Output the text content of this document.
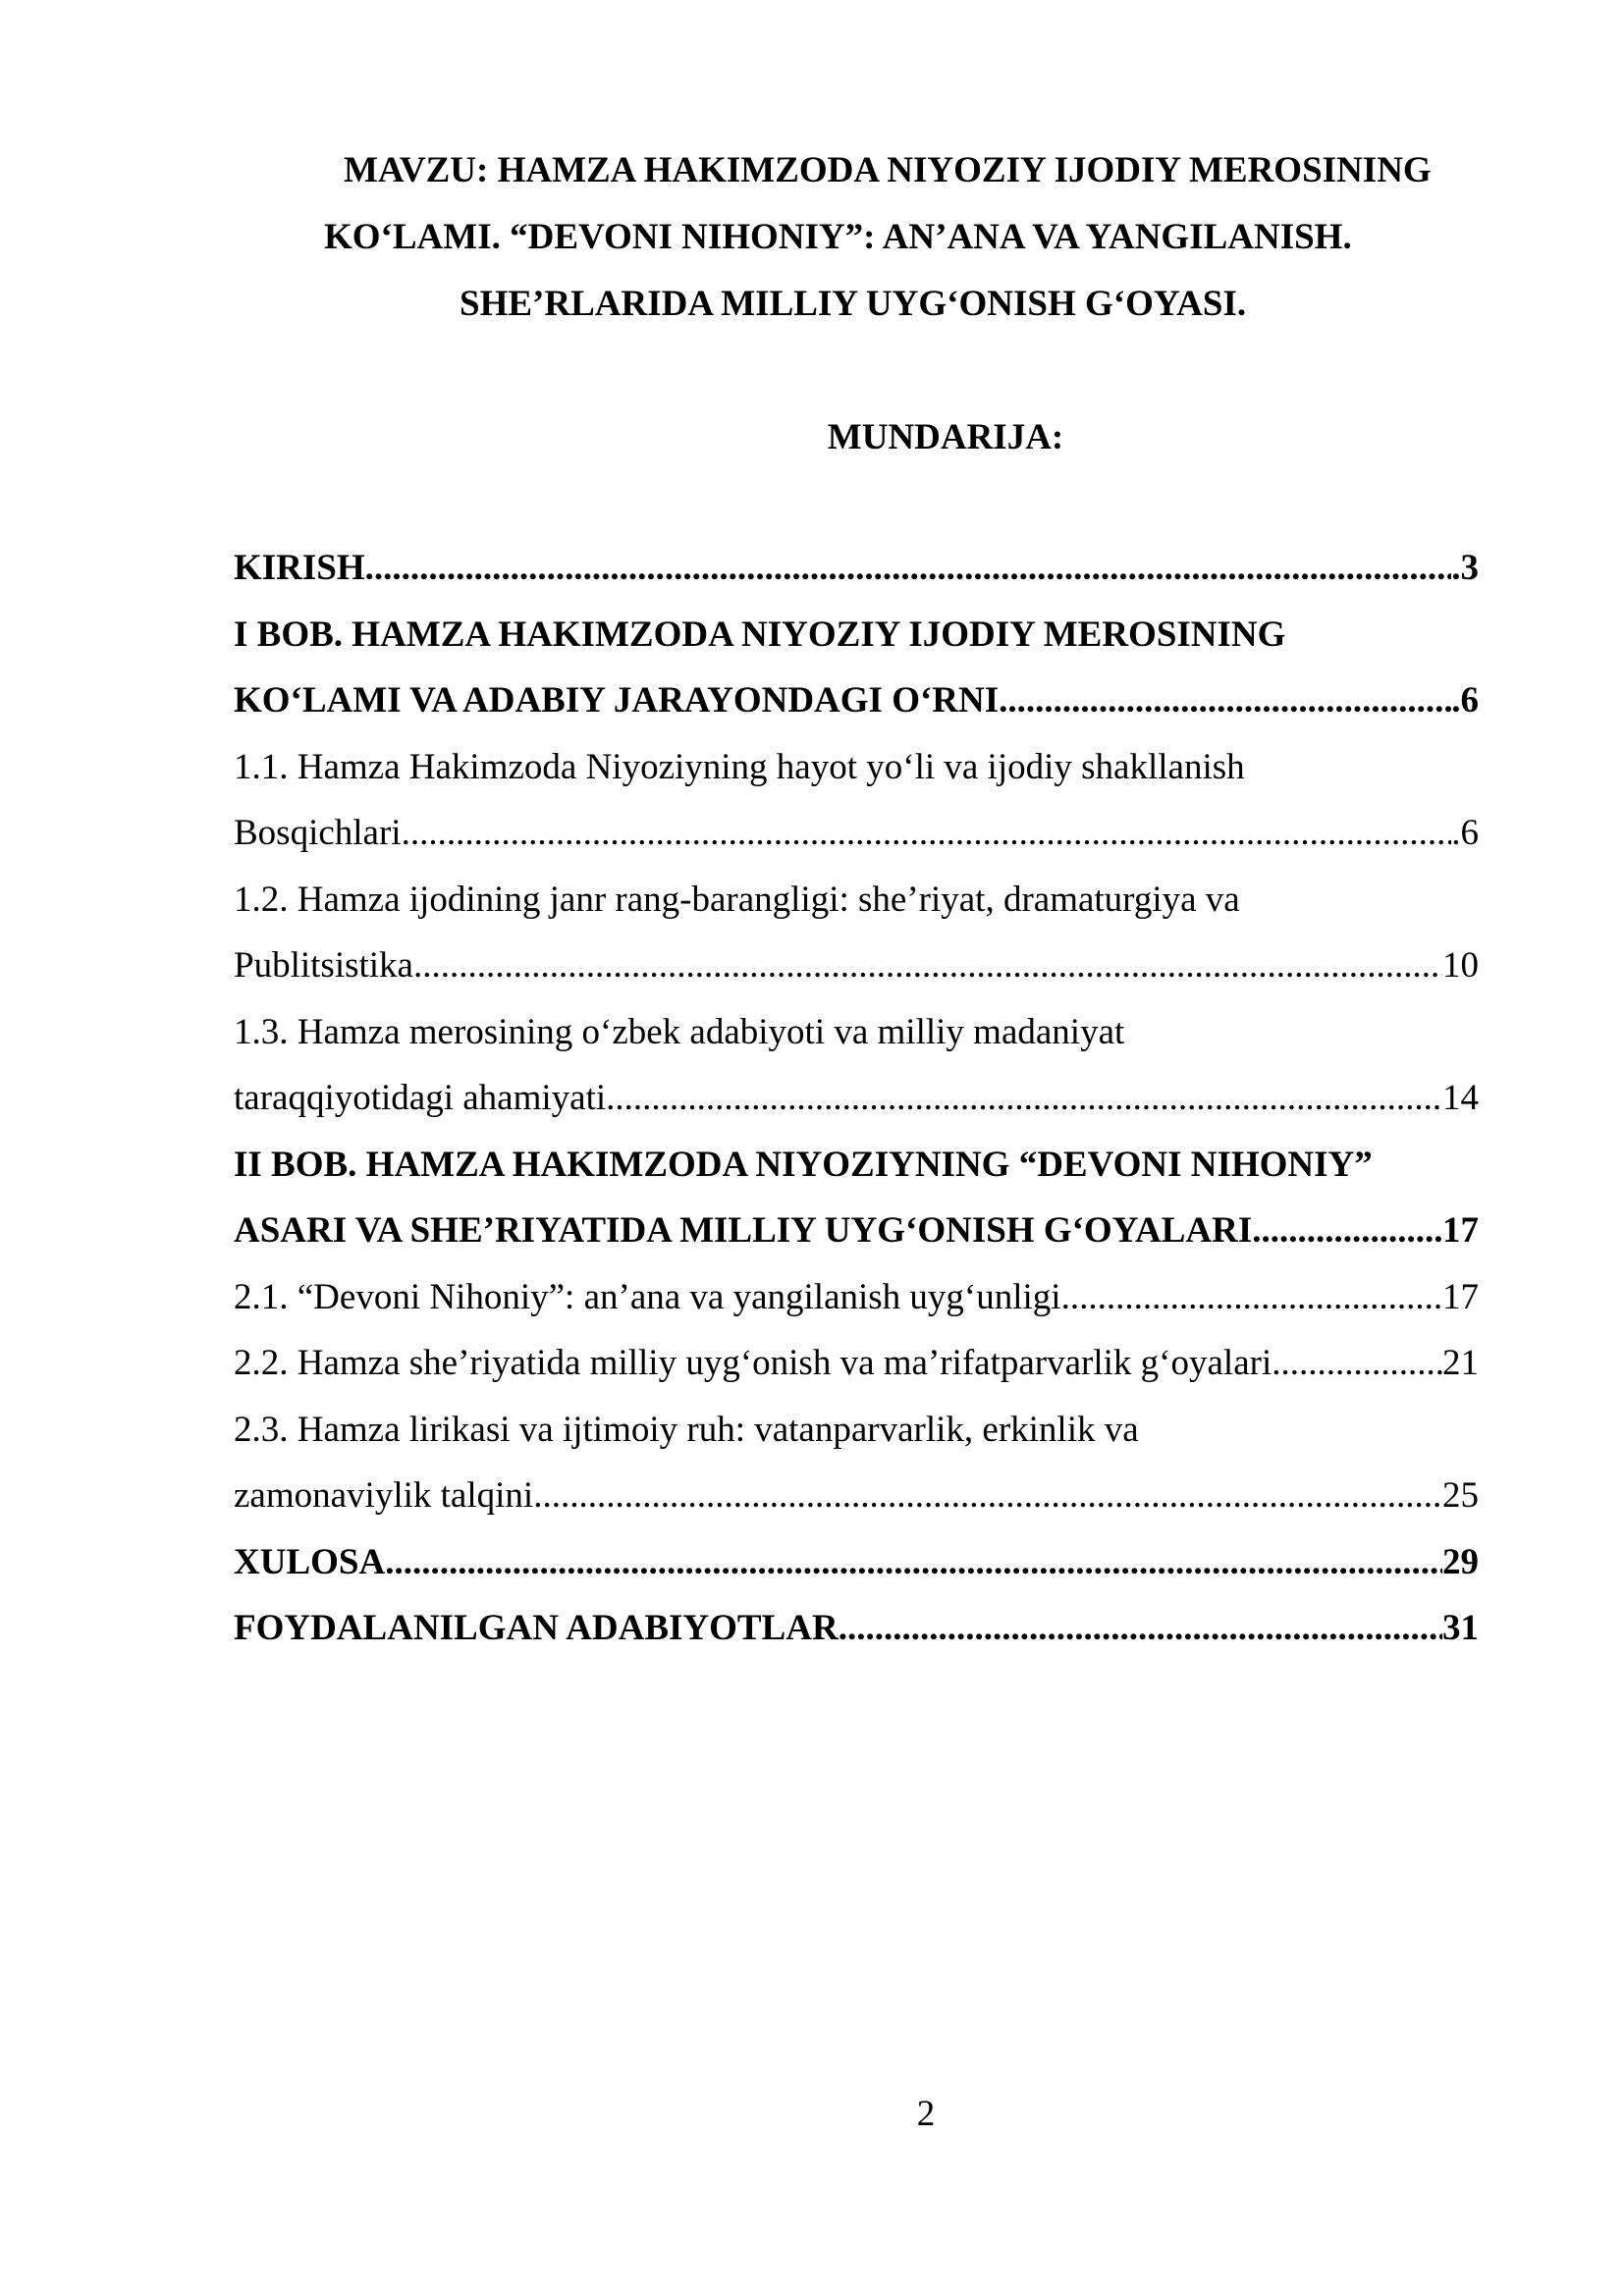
MAVZU: HAMZA HAKIMZODA NIYOZIY IJODIY MEROSINING
KO‘LAMI. “DEVONI NIHONIY”: AN’ANA VA YANGILANISH.
SHE’RLARIDA MILLIY UYG‘ONISH G‘OYASI.
MUNDARIJA:
KIRISH .....	.3
I BOB. HAMZA HAKIMZODA NIYOZIY IJODIY MEROSINING
KO‘LAMI VA ADABIY JARAYONDAGI O‘RNI .....	.6
1.1. Hamza Hakimzoda Niyoziyning hayot yo‘li va ijodiy shakllanish
Bosqichlari .....	.6
1.2. Hamza ijodining janr rang-barangligi: she’riyat, dramaturgiya va
Publitsistika .....	10
1.3. Hamza merosining o‘zbek adabiyoti va milliy madaniyat
taraqqiyotidagi ahamiyati .....	14
II BOB. HAMZA HAKIMZODA NIYOZIYNING “DEVONI NIHONIY”
ASARI VA SHE’RIYATIDA MILLIY UYG‘ONISH G‘OYALARI .....	17
2.1. “Devoni Nihoniy”: an’ana va yangilanish uyg‘unligi .....	17
2.2. Hamza she’riyatida milliy uyg‘onish va ma’rifatparvarlik g‘oyalari .....	21
2.3. Hamza lirikasi va ijtimoiy ruh: vatanparvarlik, erkinlik va
zamonaviylik talqini .....	25
XULOSA .....	29
FOYDALANILGAN ADABIYOTLAR .....	31
2
